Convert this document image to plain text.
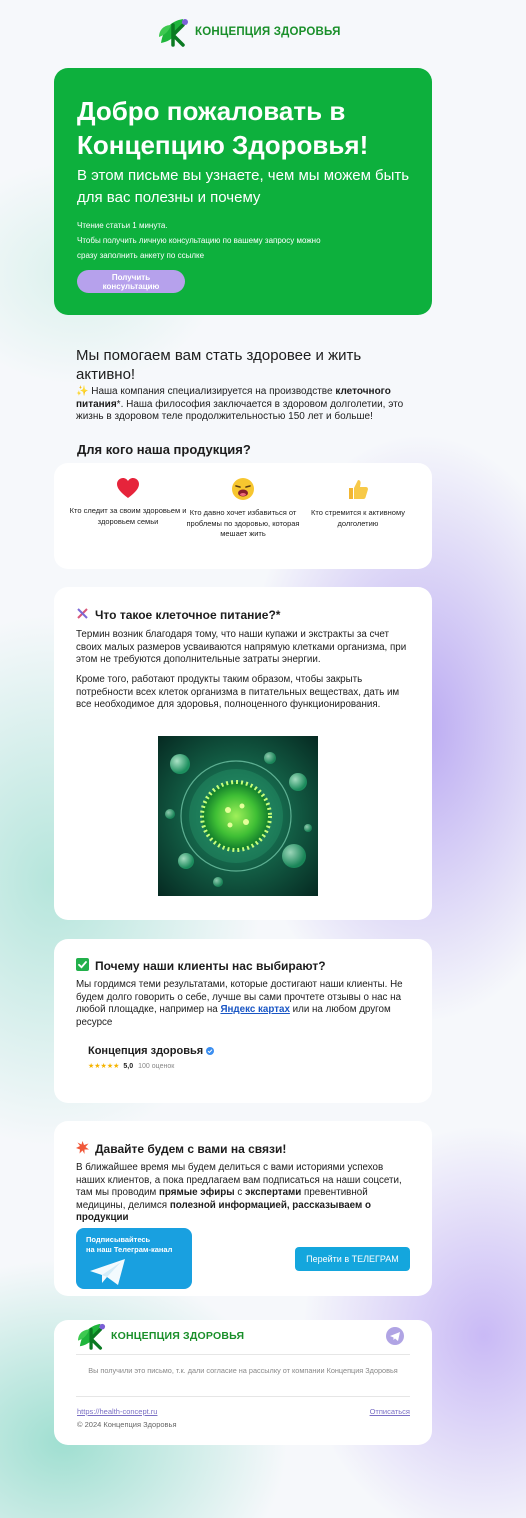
КОНЦЕПЦИЯ ЗДОРОВЬЯ
Добро пожаловать в Концепцию Здоровья!

В этом письме вы узнаете, чем мы можем быть для вас полезны и почему

Чтение статьи 1 минута.

Чтобы получить личную консультацию по вашему запросу можно

сразу заполнить анкету по ссылке

Получить консультацию
Мы помогаем вам стать здоровее и жить активно!

✨ Наша компания специализируется на производстве клеточного питания*. Наша философия заключается в здоровом долголетии, это жизнь в здоровом теле продолжительностью 150 лет и больше!

Для кого наша продукция?

Кто следит за своим здоровьем и здоровьем семьи

Кто давно хочет избавиться от проблемы по здоровью, которая мешает жить

Кто стремится к активному долголетию

Что такое клеточное питание?*

Термин возник благодаря тому, что наши купажи и экстракты за счет своих малых размеров усваиваются напрямую клетками организма, при этом не требуются дополнительные затраты энергии.

Кроме того, работают продукты таким образом, чтобы закрыть потребности всех клеток организма в питательных веществах, дать им все необходимое для здоровья, полноценного функционирования.

Почему наши клиенты нас выбирают?

Мы гордимся теми результатами, которые достигают наши клиенты. Не будем долго говорить о себе, лучше вы сами прочтете отзывы о нас на любой площадке, например на Яндекс картах или на любом другом ресурсе

Концепция здоровья

★★★★★ 5,0 100 оценок
Давайте будем с вами на связи!

В ближайшее время мы будем делиться с вами историями успехов наших клиентов, а пока предлагаем вам подписаться на наши соцсети, там мы проводим прямые эфиры с экспертами превентивной медицины, делимся полезной информацией, рассказываем о продукции

Подписывайтесь
на наш Телеграм-канал
Перейти в ТЕЛЕГРАМ
КОНЦЕПЦИЯ ЗДОРОВЬЯ

Вы получили это письмо, т.к. дали согласие на рассылку от компании Концепция Здоровья

https://health-concept.ru	Отписаться

© 2024 Концепция Здоровья
